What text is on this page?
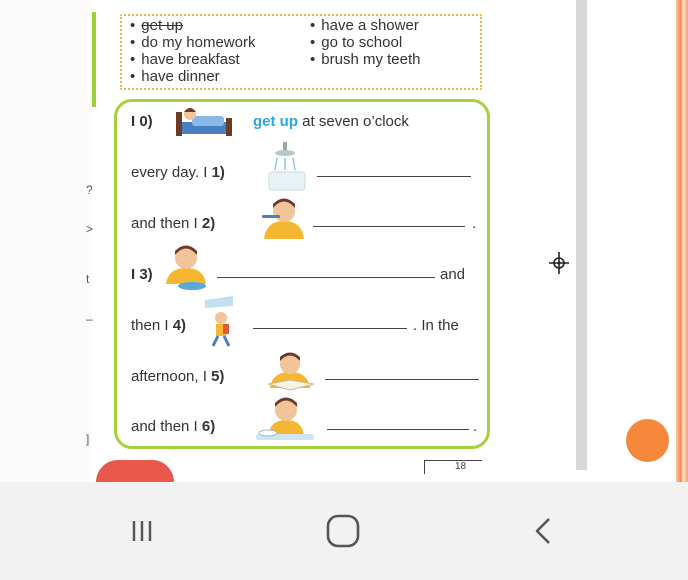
?
>
t
–
]
• get up
• do my homework
• have breakfast
• have dinner
• have a shower
• go to school
• brush my teeth
I 0)	get up at seven o’clock
every day. I 1)
and then I 2)	.
I 3)	and
then I 4)	. In the
afternoon, I 5)
and then I 6)	.
18
